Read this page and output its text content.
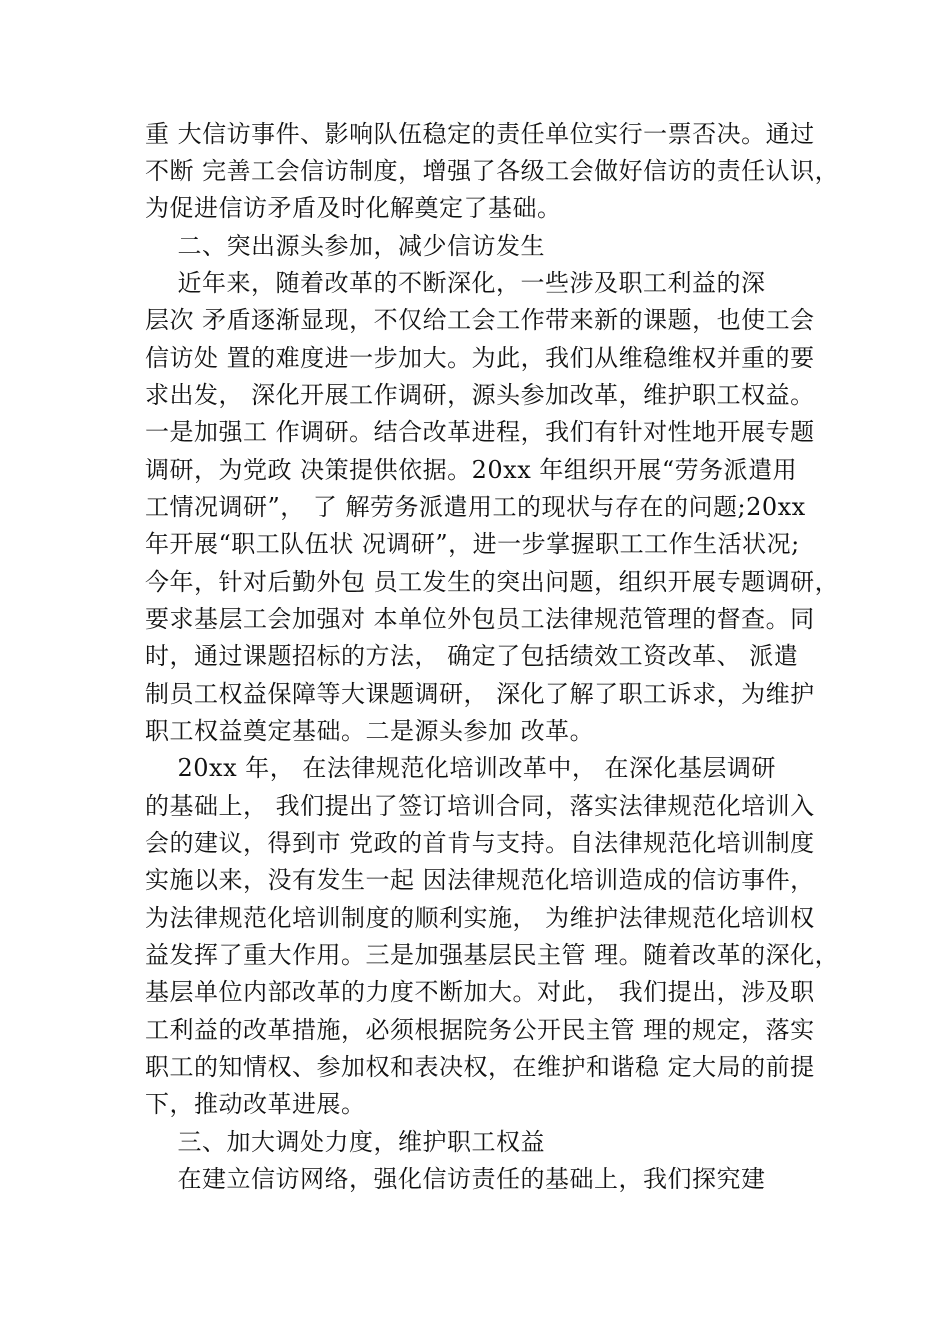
重 大信访事件、影响队伍稳定的责任单位实行一票否决。通过
不断 完善工会信访制度，增强了各级工会做好信访的责任认识，
为促进信访矛盾及时化解奠定了基础。
二、突出源头参加，减少信访发生
近年来，随着改革的不断深化，一些涉及职工利益的深
层次 矛盾逐渐显现，不仅给工会工作带来新的课题，也使工会
信访处 置的难度进一步加大。为此，我们从维稳维权并重的要
求出发， 深化开展工作调研，源头参加改革，维护职工权益。
一是加强工 作调研。结合改革进程，我们有针对性地开展专题
调研，为党政 决策提供依据。20xx 年组织开展“劳务派遣用
工情况调研”， 了 解劳务派遣用工的现状与存在的问题;20xx
年开展“职工队伍状 况调研”，进一步掌握职工工作生活状况;
今年，针对后勤外包 员工发生的突出问题，组织开展专题调研，
要求基层工会加强对 本单位外包员工法律规范管理的督查。同
时，通过课题招标的方法， 确定了包括绩效工资改革、 派遣
制员工权益保障等大课题调研， 深化了解了职工诉求，为维护
职工权益奠定基础。二是源头参加 改革。
20xx 年， 在法律规范化培训改革中， 在深化基层调研
的基础上， 我们提出了签订培训合同，落实法律规范化培训入
会的建议，得到市 党政的首肯与支持。自法律规范化培训制度
实施以来，没有发生一起 因法律规范化培训造成的信访事件，
为法律规范化培训制度的顺利实施， 为维护法律规范化培训权
益发挥了重大作用。三是加强基层民主管 理。随着改革的深化，
基层单位内部改革的力度不断加大。对此， 我们提出，涉及职
工利益的改革措施，必须根据院务公开民主管 理的规定，落实
职工的知情权、参加权和表决权，在维护和谐稳 定大局的前提
下，推动改革进展。
三、加大调处力度，维护职工权益
在建立信访网络，强化信访责任的基础上，我们探究建
